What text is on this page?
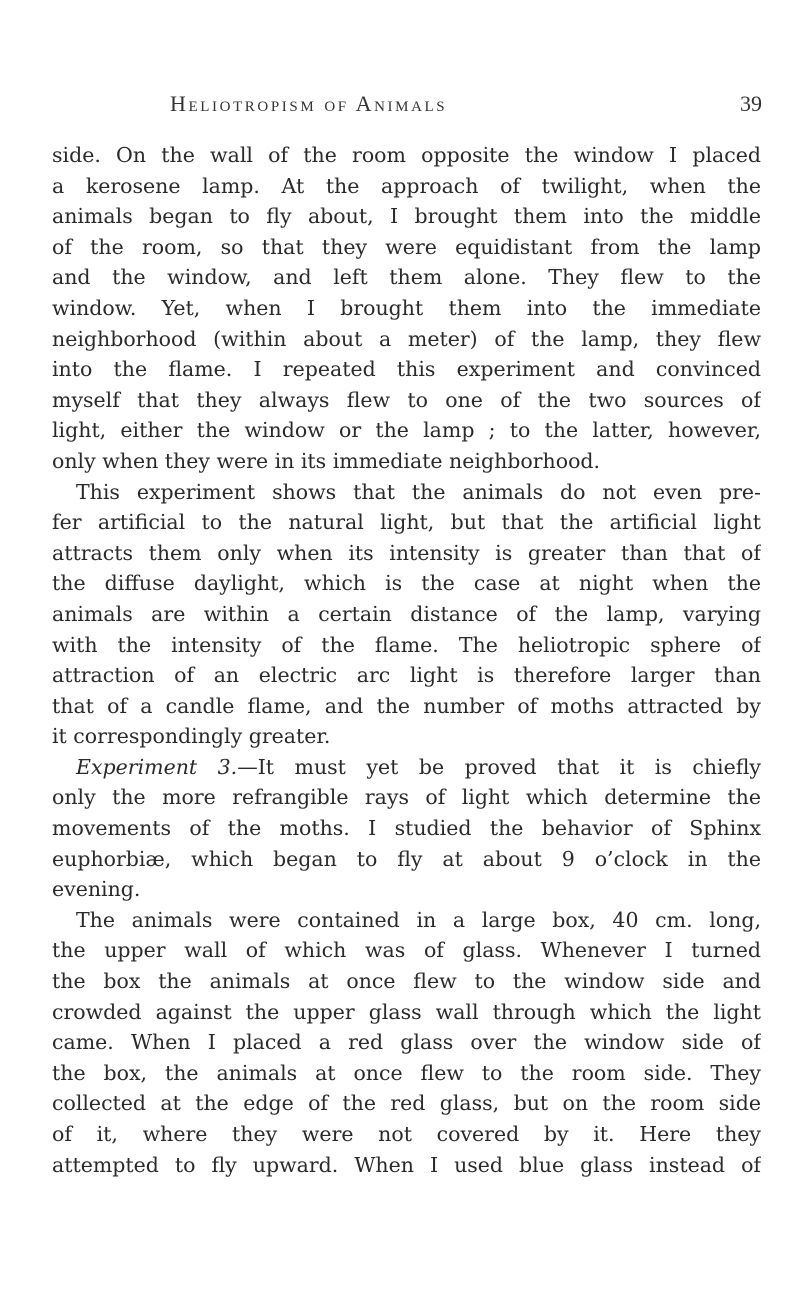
Heliotropism of Animals	39
side. On the wall of the room opposite the window I placed
a kerosene lamp. At the approach of twilight, when the
animals began to fly about, I brought them into the middle
of the room, so that they were equidistant from the lamp
and the window, and left them alone. They flew to the
window. Yet, when I brought them into the immediate
neighborhood (within about a meter) of the lamp, they flew
into the flame. I repeated this experiment and convinced
myself that they always flew to one of the two sources of
light, either the window or the lamp ; to the latter, however,
only when they were in its immediate neighborhood.
This experiment shows that the animals do not even pre-
fer artificial to the natural light, but that the artificial light
attracts them only when its intensity is greater than that of
the diffuse daylight, which is the case at night when the
animals are within a certain distance of the lamp, varying
with the intensity of the flame. The heliotropic sphere of
attraction of an electric arc light is therefore larger than
that of a candle flame, and the number of moths attracted by
it correspondingly greater.
Experiment 3.—It must yet be proved that it is chiefly
only the more refrangible rays of light which determine the
movements of the moths. I studied the behavior of Sphinx
euphorbiæ, which began to fly at about 9 o’clock in the
evening.
The animals were contained in a large box, 40 cm. long,
the upper wall of which was of glass. Whenever I turned
the box the animals at once flew to the window side and
crowded against the upper glass wall through which the light
came. When I placed a red glass over the window side of
the box, the animals at once flew to the room side. They
collected at the edge of the red glass, but on the room side
of it, where they were not covered by it. Here they
attempted to fly upward. When I used blue glass instead of
